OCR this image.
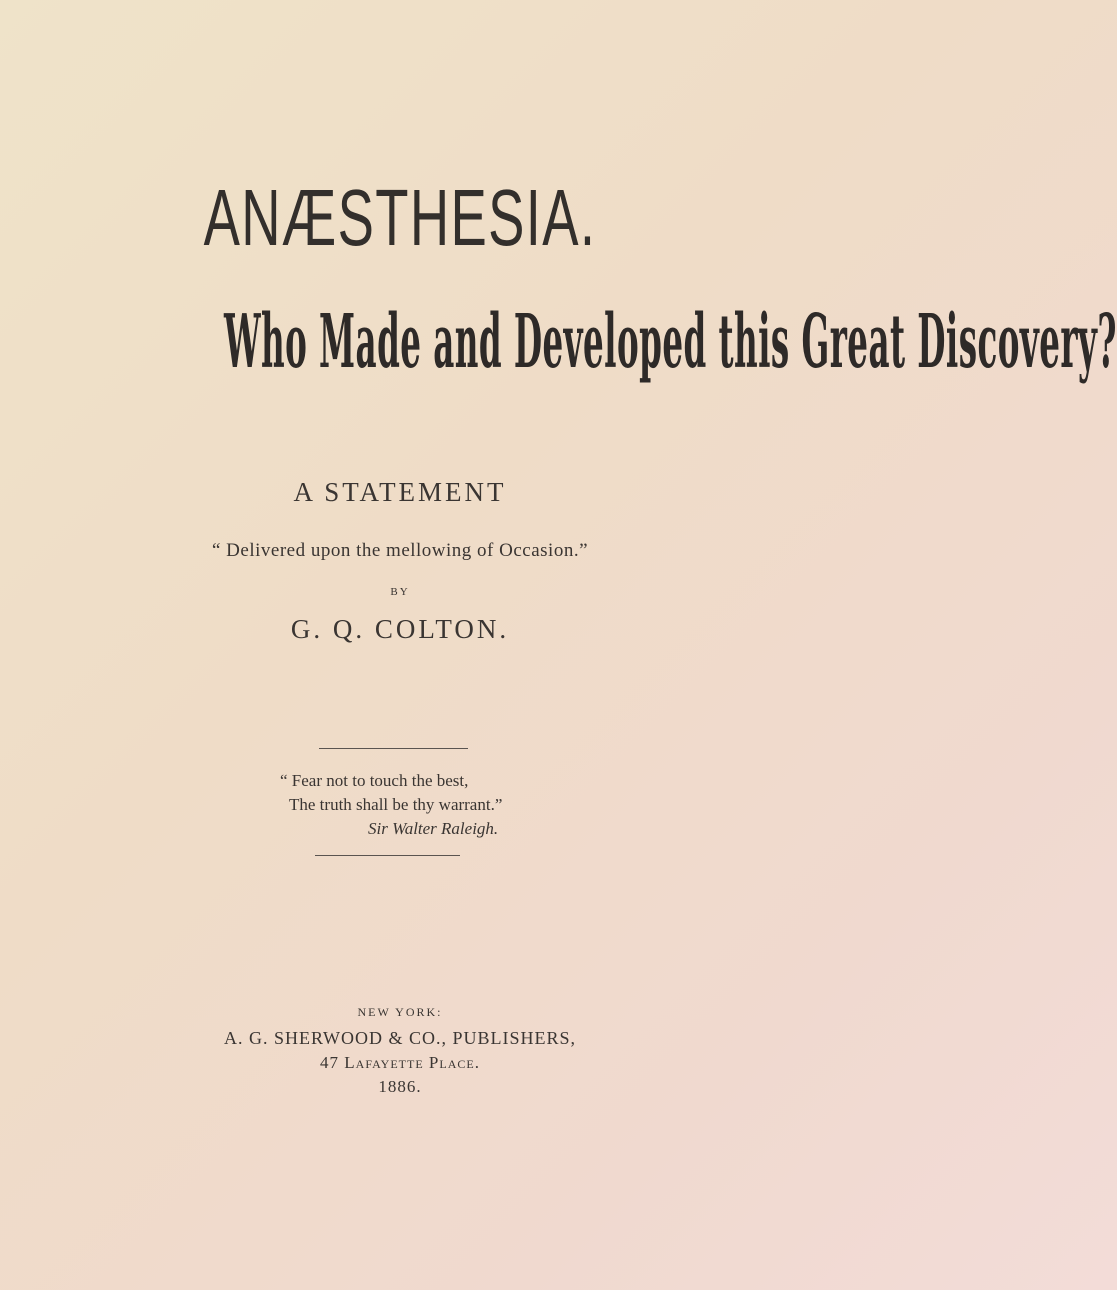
ANÆSTHESIA.
Who Made and Developed this Great Discovery?
A STATEMENT
“ Delivered upon the mellowing of Occasion.”
BY
G. Q. COLTON.
“ Fear not to touch the best,
The truth shall be thy warrant.”
Sir Walter Raleigh.
NEW YORK:
A. G. SHERWOOD & CO., PUBLISHERS,
47 Lafayette Place.
1886.
